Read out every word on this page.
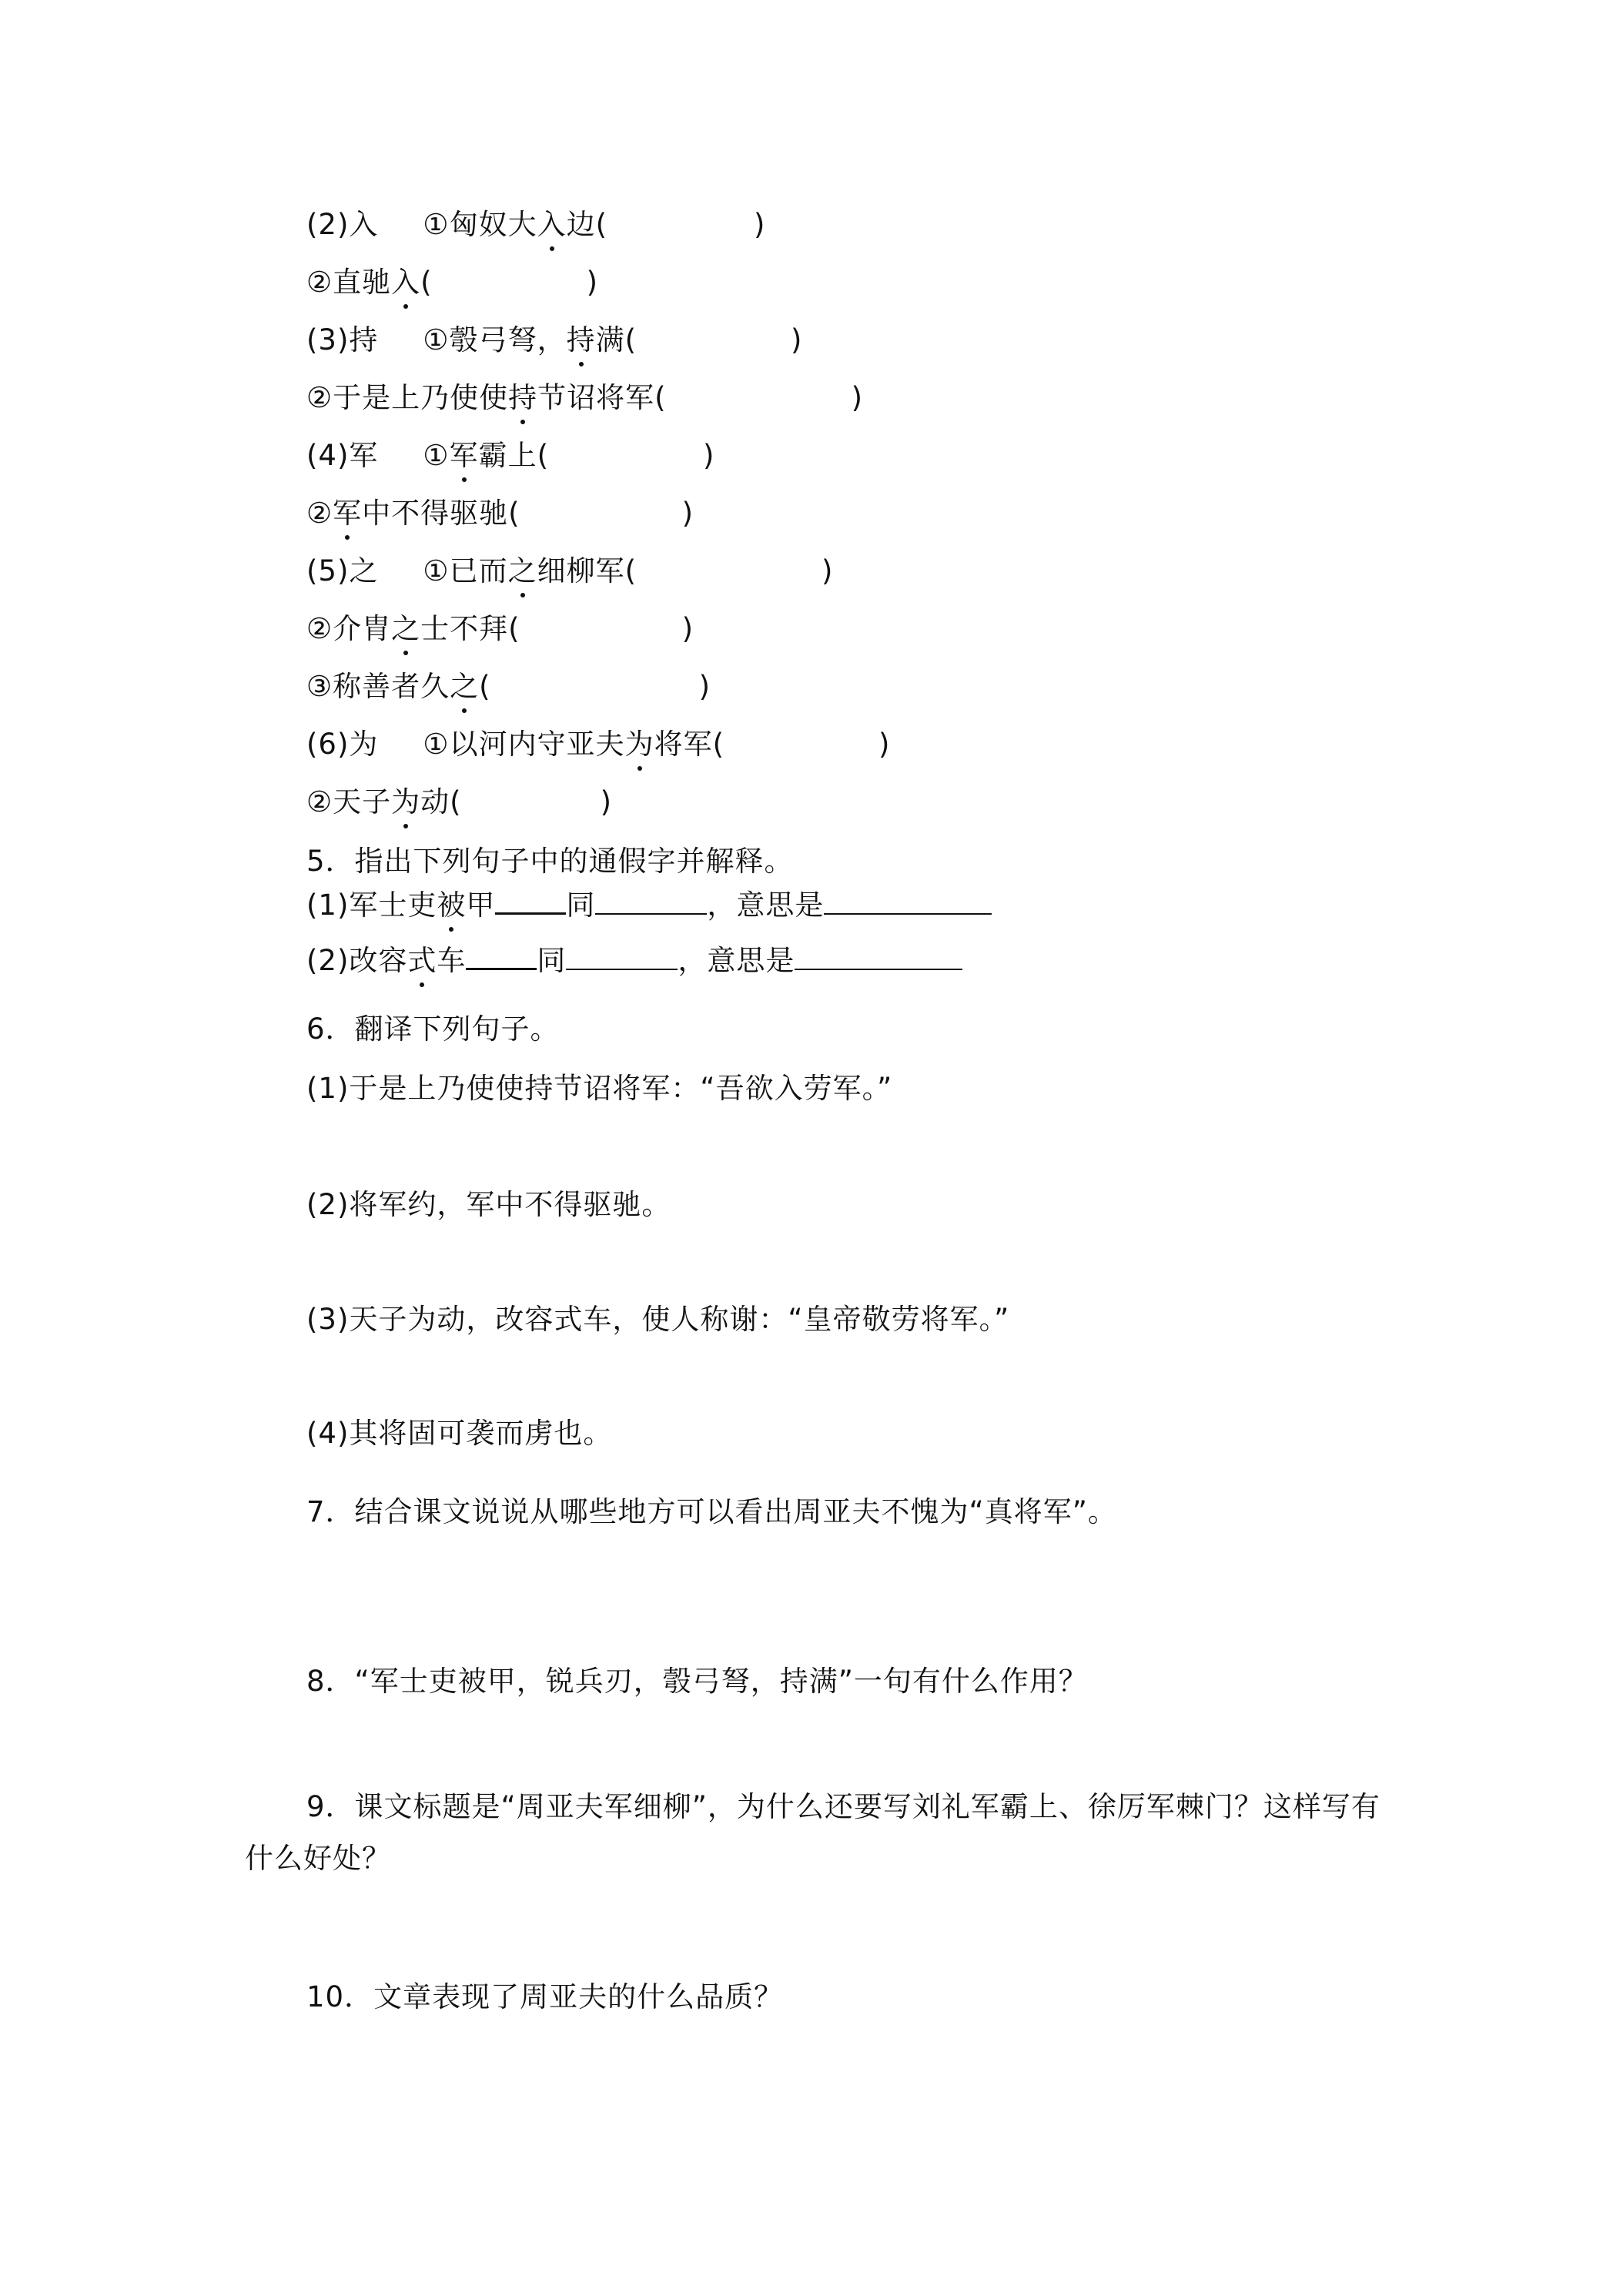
(2)入 ①匈奴大入边(	)
②直驰入(	)
(3)持 ①彀弓弩，持满(	)
②于是上乃使使持节诏将军(	)
(4)军 ①军霸上(	)
②军中不得驱驰(	)
(5)之 ①已而之细柳军(	)
②介胄之士不拜(	)
③称善者久之(	)
(6)为 ①以河内守亚夫为将军(	)
②天子为动(	)
5．指出下列句子中的通假字并解释。
(1)军士吏被甲 同	，意思是
(2)改容式车 同	，意思是
6．翻译下列句子。
(1)于是上乃使使持节诏将军：“吾欲入劳军。”
(2)将军约，军中不得驱驰。
(3)天子为动，改容式车，使人称谢：“皇帝敬劳将军。”
(4)其将固可袭而虏也。
7．结合课文说说从哪些地方可以看出周亚夫不愧为“真将军”。
8．“军士吏被甲，锐兵刃，彀弓弩，持满”一句有什么作用？
9．课文标题是“周亚夫军细柳”，为什么还要写刘礼军霸上、徐厉军棘门？这样写有
什么好处？
10．文章表现了周亚夫的什么品质？
